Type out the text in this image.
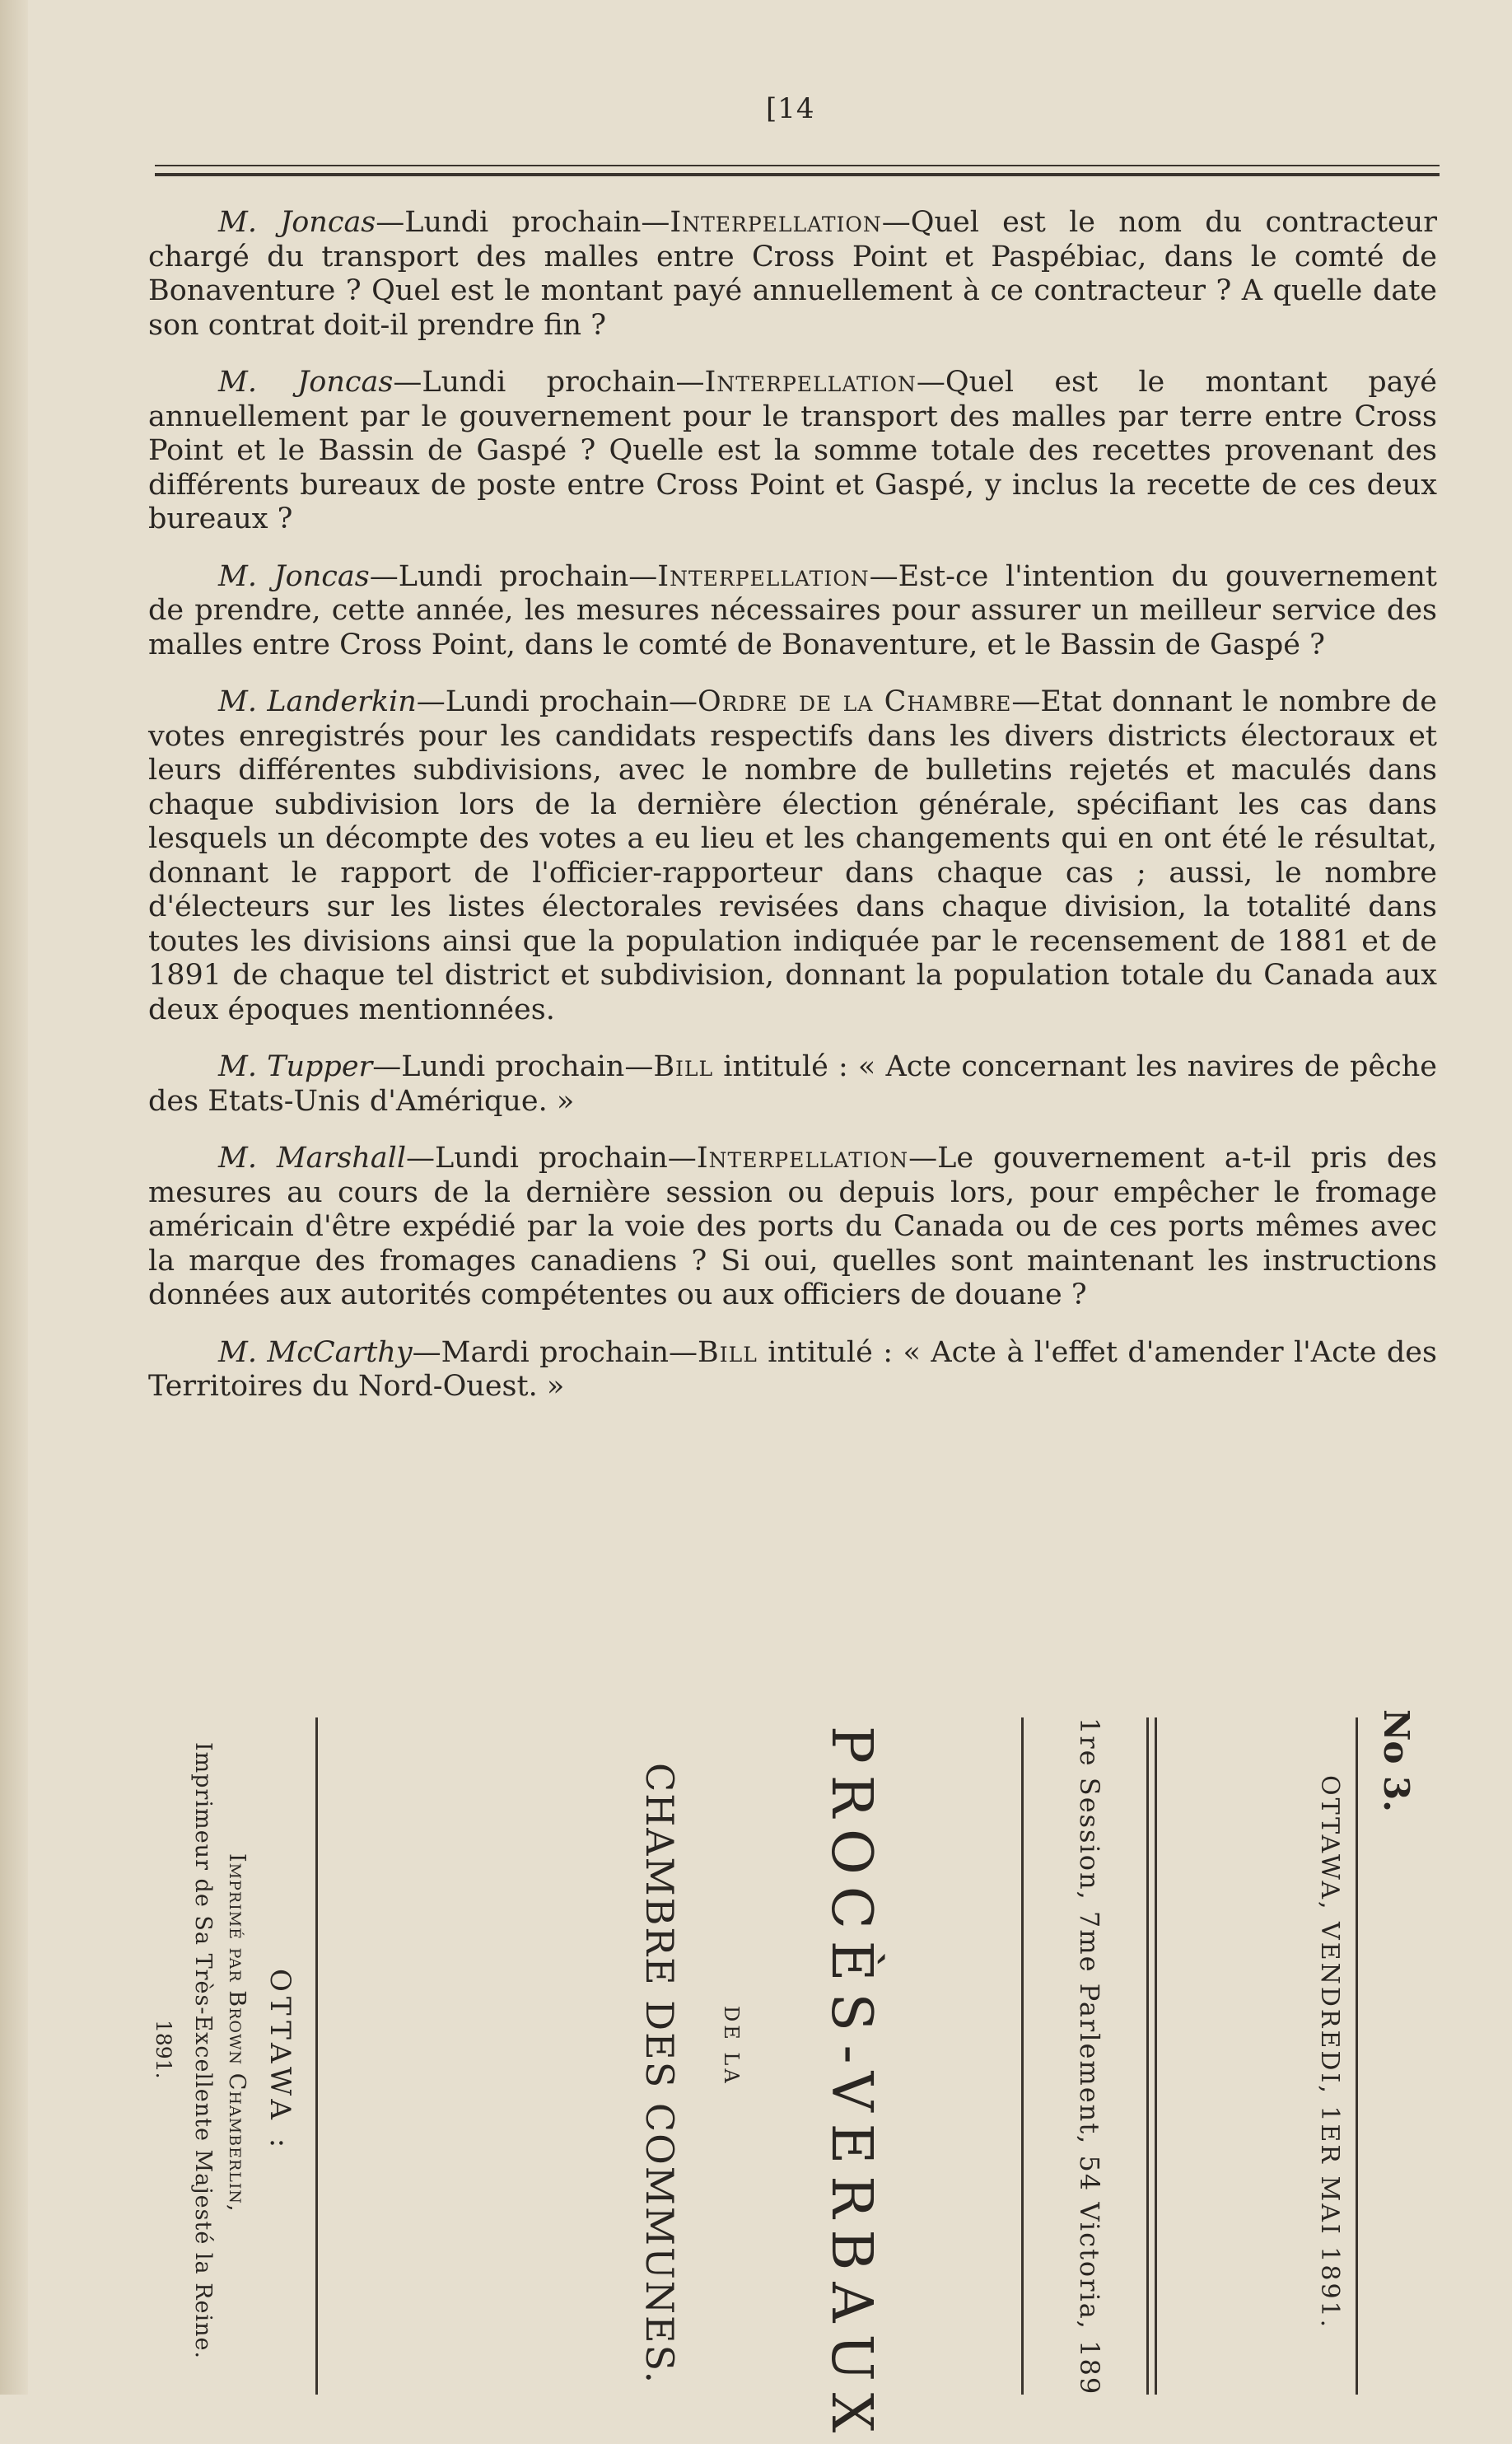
[14

M. Joncas—Lundi prochain—Interpellation—Quel est le nom du contracteur chargé du transport des malles entre Cross Point et Paspébiac, dans le comté de Bonaventure ? Quel est le montant payé annuellement à ce contracteur ? A quelle date son contrat doit-il prendre fin ?

M. Joncas—Lundi prochain—Interpellation—Quel est le montant payé annuellement par le gouvernement pour le transport des malles par terre entre Cross Point et le Bassin de Gaspé ? Quelle est la somme totale des recettes provenant des différents bureaux de poste entre Cross Point et Gaspé, y inclus la recette de ces deux bureaux ?

M. Joncas—Lundi prochain—Interpellation—Est-ce l'intention du gouvernement de prendre, cette année, les mesures nécessaires pour assurer un meilleur service des malles entre Cross Point, dans le comté de Bonaventure, et le Bassin de Gaspé ?

M. Landerkin—Lundi prochain—Ordre de la Chambre—Etat donnant le nombre de votes enregistrés pour les candidats respectifs dans les divers districts électoraux et leurs différentes subdivisions, avec le nombre de bulletins rejetés et maculés dans chaque subdivision lors de la dernière élection générale, spécifiant les cas dans lesquels un décompte des votes a eu lieu et les changements qui en ont été le résultat, donnant le rapport de l'officier-rapporteur dans chaque cas ; aussi, le nombre d'électeurs sur les listes électorales revisées dans chaque division, la totalité dans toutes les divisions ainsi que la population indiquée par le recensement de 1881 et de 1891 de chaque tel district et subdivision, donnant la population totale du Canada aux deux époques mentionnées.

M. Tupper—Lundi prochain—Bill intitulé : « Acte concernant les navires de pêche des Etats-Unis d'Amérique. »

M. Marshall—Lundi prochain—Interpellation—Le gouvernement a-t-il pris des mesures au cours de la dernière session ou depuis lors, pour empêcher le fromage américain d'être expédié par la voie des ports du Canada ou de ces ports mêmes avec la marque des fromages canadiens ? Si oui, quelles sont maintenant les instructions données aux autorités compétentes ou aux officiers de douane ?

M. McCarthy—Mardi prochain—Bill intitulé : « Acte à l'effet d'amender l'Acte des Territoires du Nord-Ouest. »

No 3.
OTTAWA, VENDREDI, 1ER MAI 1891.
1re Session, 7me Parlement, 54 Victoria, 189
PROCÈS-VERBAUX
DE LA
CHAMBRE DES COMMUNES.
OTTAWA :
Imprimé par Brown Chamberlin,
Imprimeur de Sa Très-Excellente Majesté la Reine.
1891.
